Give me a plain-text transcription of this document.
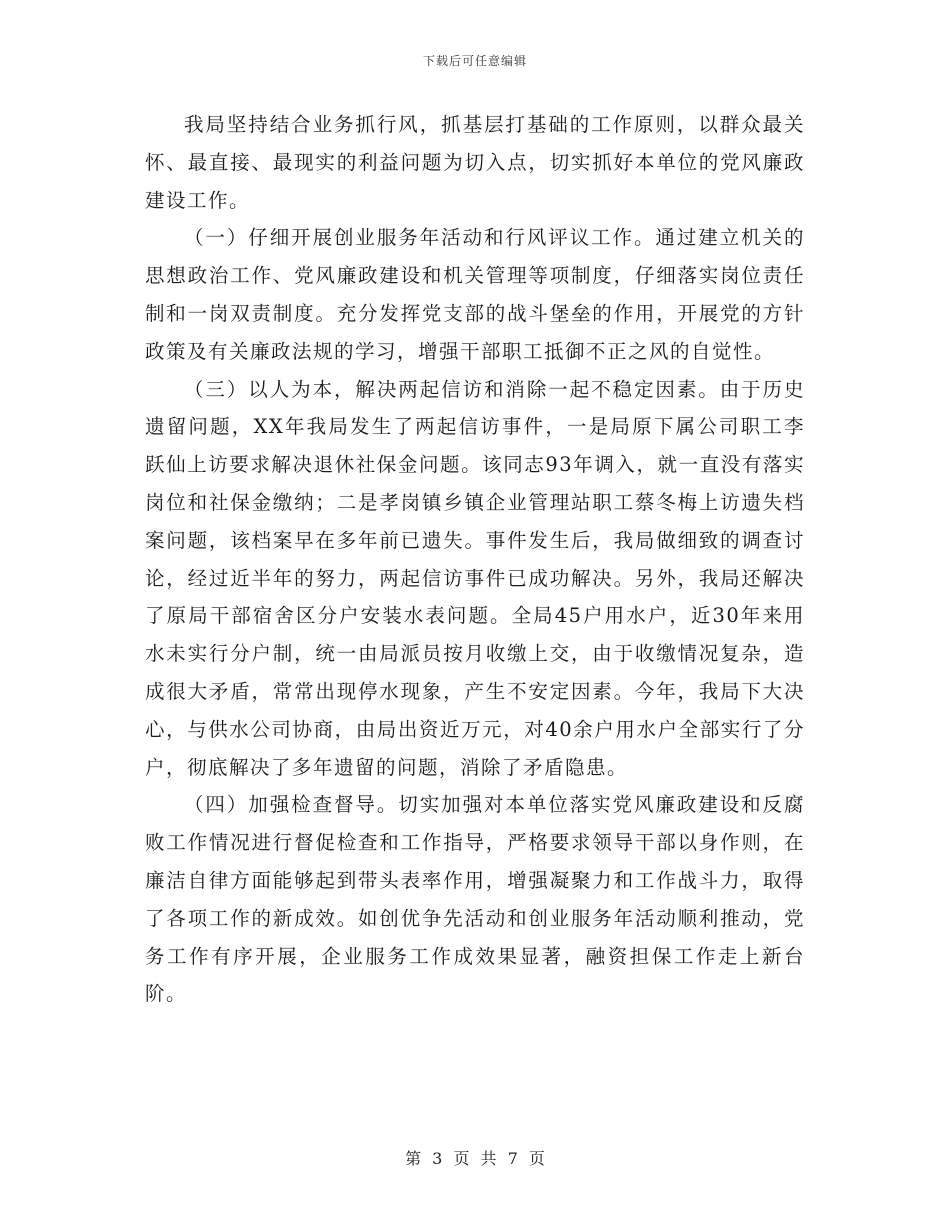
下载后可任意编辑

我局坚持结合业务抓行风，抓基层打基础的工作原则，以群众最关怀、最直接、最现实的利益问题为切入点，切实抓好本单位的党风廉政建设工作。

（一）仔细开展创业服务年活动和行风评议工作。通过建立机关的思想政治工作、党风廉政建设和机关管理等项制度，仔细落实岗位责任制和一岗双责制度。充分发挥党支部的战斗堡垒的作用，开展党的方针政策及有关廉政法规的学习，增强干部职工抵御不正之风的自觉性。

（三）以人为本，解决两起信访和消除一起不稳定因素。由于历史遗留问题，XX年我局发生了两起信访事件，一是局原下属公司职工李跃仙上访要求解决退休社保金问题。该同志93年调入，就一直没有落实岗位和社保金缴纳；二是孝岗镇乡镇企业管理站职工蔡冬梅上访遗失档案问题，该档案早在多年前已遗失。事件发生后，我局做细致的调查讨论，经过近半年的努力，两起信访事件已成功解决。另外，我局还解决了原局干部宿舍区分户安装水表问题。全局45户用水户，近30年来用水未实行分户制，统一由局派员按月收缴上交，由于收缴情况复杂，造成很大矛盾，常常出现停水现象，产生不安定因素。今年，我局下大决心，与供水公司协商，由局出资近万元，对40余户用水户全部实行了分户，彻底解决了多年遗留的问题，消除了矛盾隐患。

（四）加强检查督导。切实加强对本单位落实党风廉政建设和反腐败工作情况进行督促检查和工作指导，严格要求领导干部以身作则，在廉洁自律方面能够起到带头表率作用，增强凝聚力和工作战斗力，取得了各项工作的新成效。如创优争先活动和创业服务年活动顺利推动，党务工作有序开展，企业服务工作成效果显著，融资担保工作走上新台阶。

第 3 页 共 7 页
